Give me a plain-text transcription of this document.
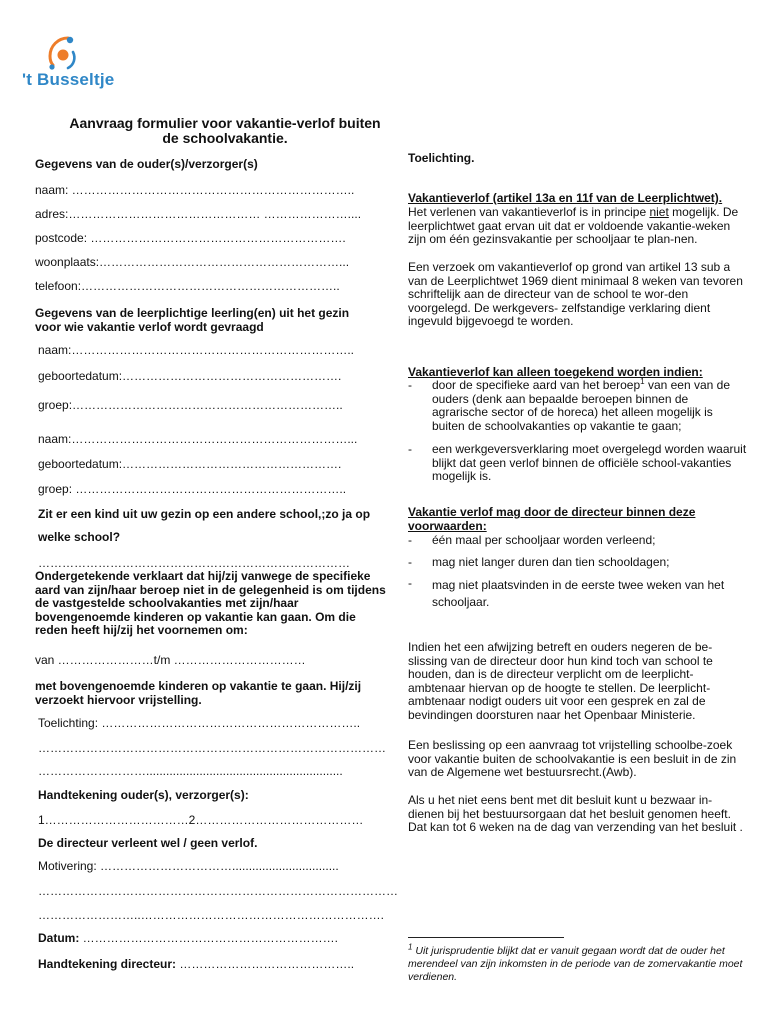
't Busseltje
Aanvraag formulier voor vakantie-verlof buiten de schoolvakantie.
Gegevens van de ouder(s)/verzorger(s)
naam: ……………………………………………………………..
adres:………………………………………… …………………....
postcode: ……………………………………………………….
woonplaats:……………………………………………………...
telefoon:………………………………………………………..
Gegevens van de leerplichtige leerling(en) uit het gezin voor wie vakantie verlof wordt gevraagd
naam:……………………………………………………………..
geboortedatum:……………………………………………….
groep:…………………………………………………………..
naam:……………………………………………………………...
geboortedatum:……………………………………………….
groep: …………………………………………………………..
Zit er een kind uit uw gezin op een andere school,;zo ja op
welke school?
……………………………………………………………………
Ondergetekende verklaart dat hij/zij vanwege de specifieke aard van zijn/haar beroep niet in de gelegenheid is om tijdens de vastgestelde schoolvakanties met zijn/haar bovengenoemde kinderen op vakantie kan gaan. Om die reden heeft hij/zij het voornemen om:
van ……………………t/m ……………………………
met bovengenoemde kinderen op vakantie te gaan. Hij/zij verzoekt hiervoor vrijstelling.
Toelichting: ………………………………………………………..
……………………………………………………………………………
………………………...........................................................
Handtekening ouder(s), verzorger(s):
1………………………………2……………………………………
De directeur verleent wel / geen verlof.
Motivering: ……………………………................................
………………………………………………………………………………
……………………..…………………………………………………….
Datum: ……………………………………………………….
Handtekening directeur: ……………………………………..
Toelichting.
Vakantieverlof (artikel 13a en 11f van de Leerplichtwet).
Het verlenen van vakantieverlof is in principe niet mogelijk. De leerplichtwet gaat ervan uit dat er voldoende vakantie-weken zijn om één gezinsvakantie per schooljaar te plan-nen.
Een verzoek om vakantieverlof op grond van artikel 13 sub a van de Leerplichtwet 1969 dient minimaal 8 weken van tevoren schriftelijk aan de directeur van de school te wor-den voorgelegd. De werkgevers- zelfstandige verklaring dient ingevuld bijgevoegd te worden.
Vakantieverlof kan alleen toegekend worden indien:
- door de specifieke aard van het beroep$^1$ van een van de ouders (denk aan bepaalde beroepen binnen de agrarische sector of de horeca) het alleen mogelijk is buiten de schoolvakanties op vakantie te gaan;
- een werkgeversverklaring moet overgelegd worden waaruit blijkt dat geen verlof binnen de officiële school-vakanties mogelijk is.
Vakantie verlof mag door de directeur binnen deze voorwaarden:
- één maal per schooljaar worden verleend;
- mag niet langer duren dan tien schooldagen;
- mag niet plaatsvinden in de eerste twee weken van het schooljaar.
Indien het een afwijzing betreft en ouders negeren de be-slissing van de directeur door hun kind toch van school te houden, dan is de directeur verplicht om de leerplicht-ambtenaar hiervan op de hoogte te stellen. De leerplicht-ambtenaar nodigt ouders uit voor een gesprek en zal de bevindingen doorsturen naar het Openbaar Ministerie.
Een beslissing op een aanvraag tot vrijstelling schoolbe-zoek voor vakantie buiten de schoolvakantie is een besluit in de zin van de Algemene wet bestuursrecht.(Awb).
Als u het niet eens bent met dit besluit kunt u bezwaar in-dienen bij het bestuursorgaan dat het besluit genomen heeft. Dat kan tot 6 weken na de dag van verzending van het besluit .
$^1$ Uit jurisprudentie blijkt dat er vanuit gegaan wordt dat de ouder het merendeel van zijn inkomsten in de periode van de zomervakantie moet verdienen.
